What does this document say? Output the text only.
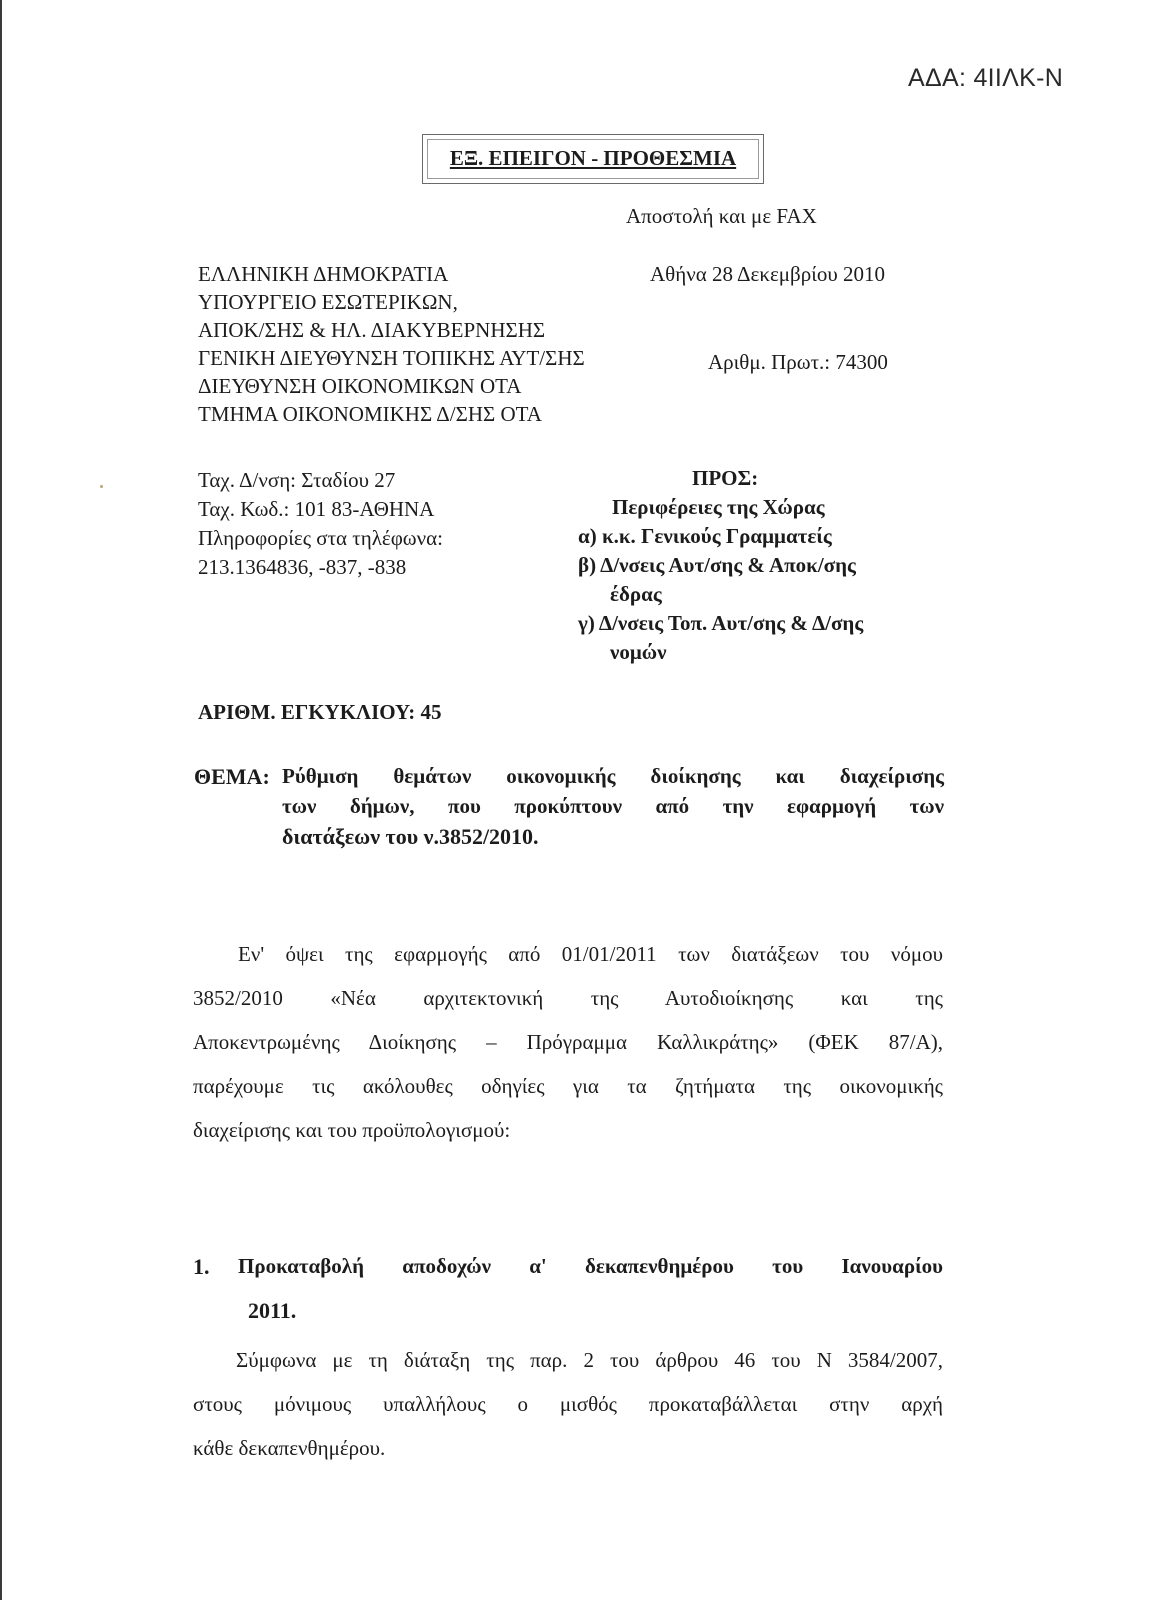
ΑΔΑ: 4ΙΙΛΚ-Ν
ΕΞ. ΕΠΕΙΓΟΝ - ΠΡΟΘΕΣΜΙΑ
Αποστολή και με FAX
ΕΛΛΗΝΙΚΗ ΔΗΜΟΚΡΑΤΙΑ
ΥΠΟΥΡΓΕΙΟ ΕΣΩΤΕΡΙΚΩΝ,
ΑΠΟΚ/ΣΗΣ & ΗΛ. ΔΙΑΚΥΒΕΡΝΗΣΗΣ
ΓΕΝΙΚΗ ΔΙΕΥΘΥΝΣΗ ΤΟΠΙΚΗΣ ΑΥΤ/ΣΗΣ
ΔΙΕΥΘΥΝΣΗ ΟΙΚΟΝΟΜΙΚΩΝ ΟΤΑ
ΤΜΗΜΑ ΟΙΚΟΝΟΜΙΚΗΣ Δ/ΣΗΣ ΟΤΑ
Αθήνα 28 Δεκεμβρίου 2010
Αριθμ. Πρωτ.: 74300
Ταχ. Δ/νση: Σταδίου 27
Ταχ. Κωδ.: 101 83-ΑΘΗΝΑ
Πληροφορίες στα τηλέφωνα:
213.1364836, -837, -838
ΠΡΟΣ:
Περιφέρειες της Χώρας
α) κ.κ. Γενικούς Γραμματείς
β) Δ/νσεις Αυτ/σης & Αποκ/σης
έδρας
γ) Δ/νσεις Τοπ. Αυτ/σης & Δ/σης
νομών
ΑΡΙΘΜ. ΕΓΚΥΚΛΙΟΥ: 45
ΘΕΜΑ: Ρύθμιση θεμάτων οικονομικής διοίκησης και διαχείρισης
των δήμων, που προκύπτουν από την εφαρμογή των
διατάξεων του ν.3852/2010.
Εν' όψει της εφαρμογής από 01/01/2011 των διατάξεων του νόμου
3852/2010 «Νέα αρχιτεκτονική της Αυτοδιοίκησης και της
Αποκεντρωμένης Διοίκησης – Πρόγραμμα Καλλικράτης» (ΦΕΚ 87/Α),
παρέχουμε τις ακόλουθες οδηγίες για τα ζητήματα της οικονομικής
διαχείρισης και του προϋπολογισμού:
1. Προκαταβολή αποδοχών α' δεκαπενθημέρου του Ιανουαρίου
2011.
Σύμφωνα με τη διάταξη της παρ. 2 του άρθρου 46 του Ν 3584/2007,
στους μόνιμους υπαλλήλους ο μισθός προκαταβάλλεται στην αρχή
κάθε δεκαπενθημέρου.
